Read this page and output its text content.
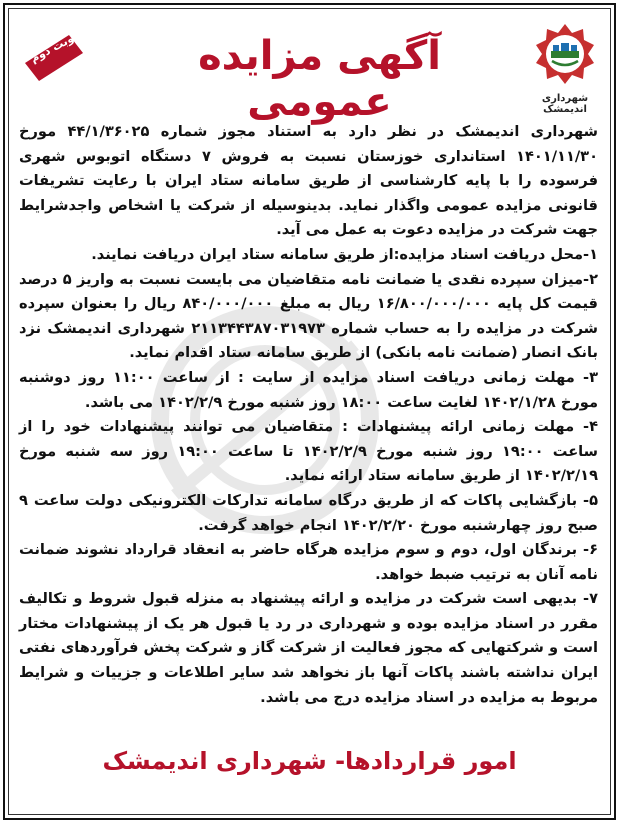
شهرداری اندیمشک
نوبت دوم	آگهی مزایده عمومی

شهرداری اندیمشک در نظر دارد به استناد مجوز شماره ۴۴/۱/۳۶۰۲۵ مورخ ۱۴۰۱/۱۱/۳۰ استانداری خوزستان نسبت به فروش ۷ دستگاه اتوبوس شهری فرسوده را با پایه کارشناسی از طریق سامانه ستاد ایران با رعایت تشریفات قانونی مزایده عمومی واگذار نماید. بدینوسیله از شرکت یا اشخاص واجدشرایط جهت شرکت در مزایده دعوت به عمل می آید.

۱-محل دریافت اسناد مزایده:از طریق سامانه ستاد ایران دریافت نمایند.

۲-میزان سپرده نقدی یا ضمانت نامه متقاضیان می بایست نسبت به واریز ۵ درصد قیمت کل پایه ۱۶/۸۰۰/۰۰۰/۰۰۰ ریال به مبلغ ۸۴۰/۰۰۰/۰۰۰ ریال را بعنوان سپرده شرکت در مزایده را به حساب شماره ۲۱۱۳۴۴۳۸۷۰۳۱۹۷۳ شهرداری اندیمشک نزد بانک انصار (ضمانت نامه بانکی) از طریق سامانه ستاد اقدام نماید.

۳- مهلت زمانی دریافت اسناد مزایده از سایت : از ساعت ۱۱:۰۰ روز دوشنبه مورخ ۱۴۰۲/۱/۲۸ لغایت ساعت ۱۸:۰۰ روز شنبه مورخ ۱۴۰۲/۲/۹ می باشد.

۴- مهلت زمانی ارائه پیشنهادات : متقاضیان می توانند پیشنهادات خود را از ساعت ۱۹:۰۰ روز شنبه مورخ ۱۴۰۲/۲/۹ تا ساعت ۱۹:۰۰ روز سه شنبه مورخ ۱۴۰۲/۲/۱۹ از طریق سامانه ستاد ارائه نماید.

۵- بازگشایی پاکات که از طریق درگاه سامانه تدارکات الکترونیکی دولت ساعت ۹ صبح روز چهارشنبه مورخ ۱۴۰۲/۲/۲۰ انجام خواهد گرفت.

۶- برندگان اول، دوم و سوم مزایده هرگاه حاضر به انعقاد قرارداد نشوند ضمانت نامه آنان به ترتیب ضبط خواهد.

۷- بدیهی است شرکت در مزایده و ارائه پیشنهاد به منزله قبول شروط و تکالیف مقرر در اسناد مزایده بوده و شهرداری در رد یا قبول هر یک از پیشنهادات مختار است و شرکتهایی که مجوز فعالیت از شرکت گاز و شرکت پخش فرآوردهای نفتی ایران نداشته باشند پاکات آنها باز نخواهد شد سایر اطلاعات و جزییات و شرایط مربوط به مزایده در اسناد مزایده درج می باشد.

امور قراردادها- شهرداری اندیمشک
